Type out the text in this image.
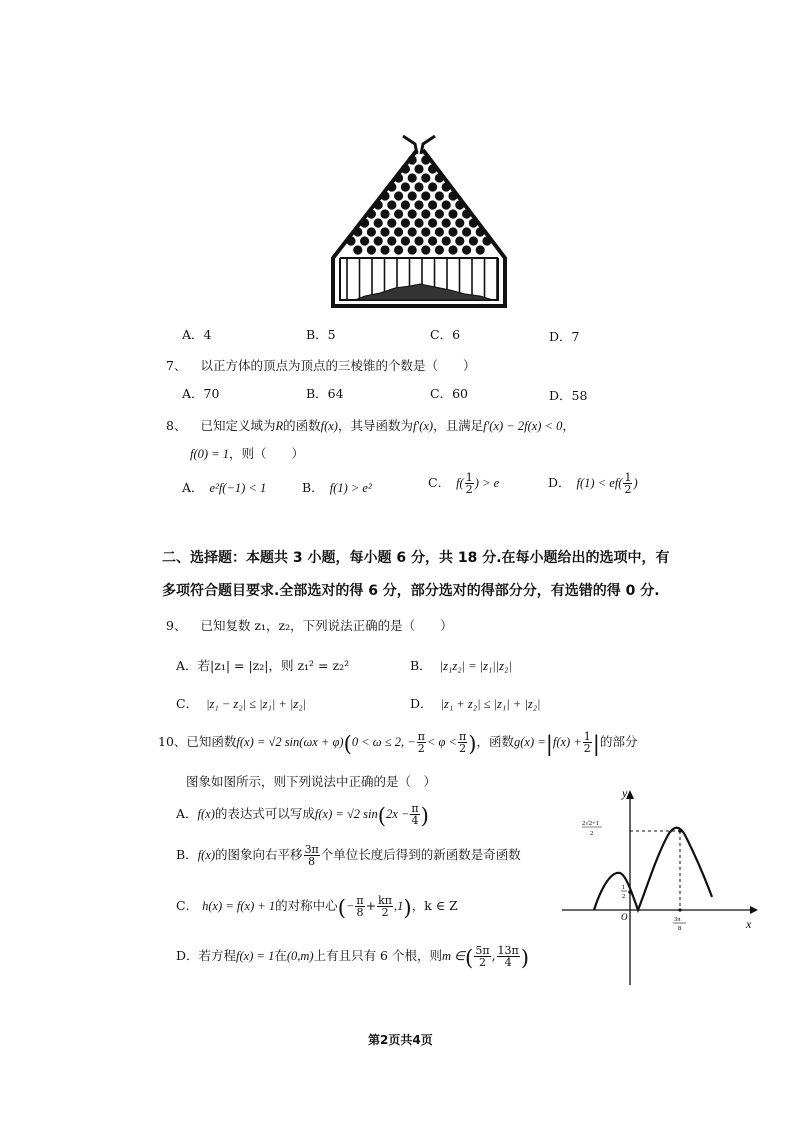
A．4	B．5	C．6	D．7
7、 以正方体的顶点为顶点的三棱锥的个数是（　　）
A．70	B．64	C．60	D．58
8、 已知定义域为R的函数f(x)，其导函数为f′(x)，且满足f′(x) − 2f(x) < 0，
f(0) = 1，则（　　）
A． e²f(−1) < 1	B． f(1) > e²	C． $f( \frac{1}{2}$ ) > e	D． $f(1) < ef( \frac{1}{2}$ )
二、选择题：本题共 3 小题，每小题 6 分，共 18 分.在每小题给出的选项中，有
多项符合题目要求.全部选对的得 6 分，部分选对的得部分分，有选错的得 0 分.
9、 已知复数 z₁，z₂，下列说法正确的是（　　）
A．若|z₁| = |z₂|，则 z₁² = z₂²	B． |z₁z₂| = |z₁||z₂|
C． |z₁ − z₂| ≤ |z₁| + |z₂|	D． |z₁ + z₂| ≤ |z₁| + |z₂|
10、已知函数f(x) = √2 sin(ωx + φ)(0 < ω ≤ 2, − $\frac{\pi}{2} < \varphi < \frac{\pi}{2}$ )，函数$g(x) =|f(x) + \frac{1}{2}$ |的部分
图象如图所示，则下列说法中正确的是（　）
A．f(x)的表达式可以写成f(x) = √2 $\sin(2x - \frac{\pi}{4}$ )
B．f(x)的图象向右平移 $\frac{3\pi}{8}$ 个单位长度后得到的新函数是奇函数
C． h(x) = f(x) + 1的对称中心(− $\frac{\pi}{8} + \frac{k\pi}{2} ,1$)，k ∈ Z
D．若方程f(x) = 1在(0,m)上有且只有 6 个根，则m ∈( $\frac{5\pi}{2}$ , $\frac{13\pi}{4}$ )
y
x
O
2√2+1
2
1
2
3π
8
第2页共4页
